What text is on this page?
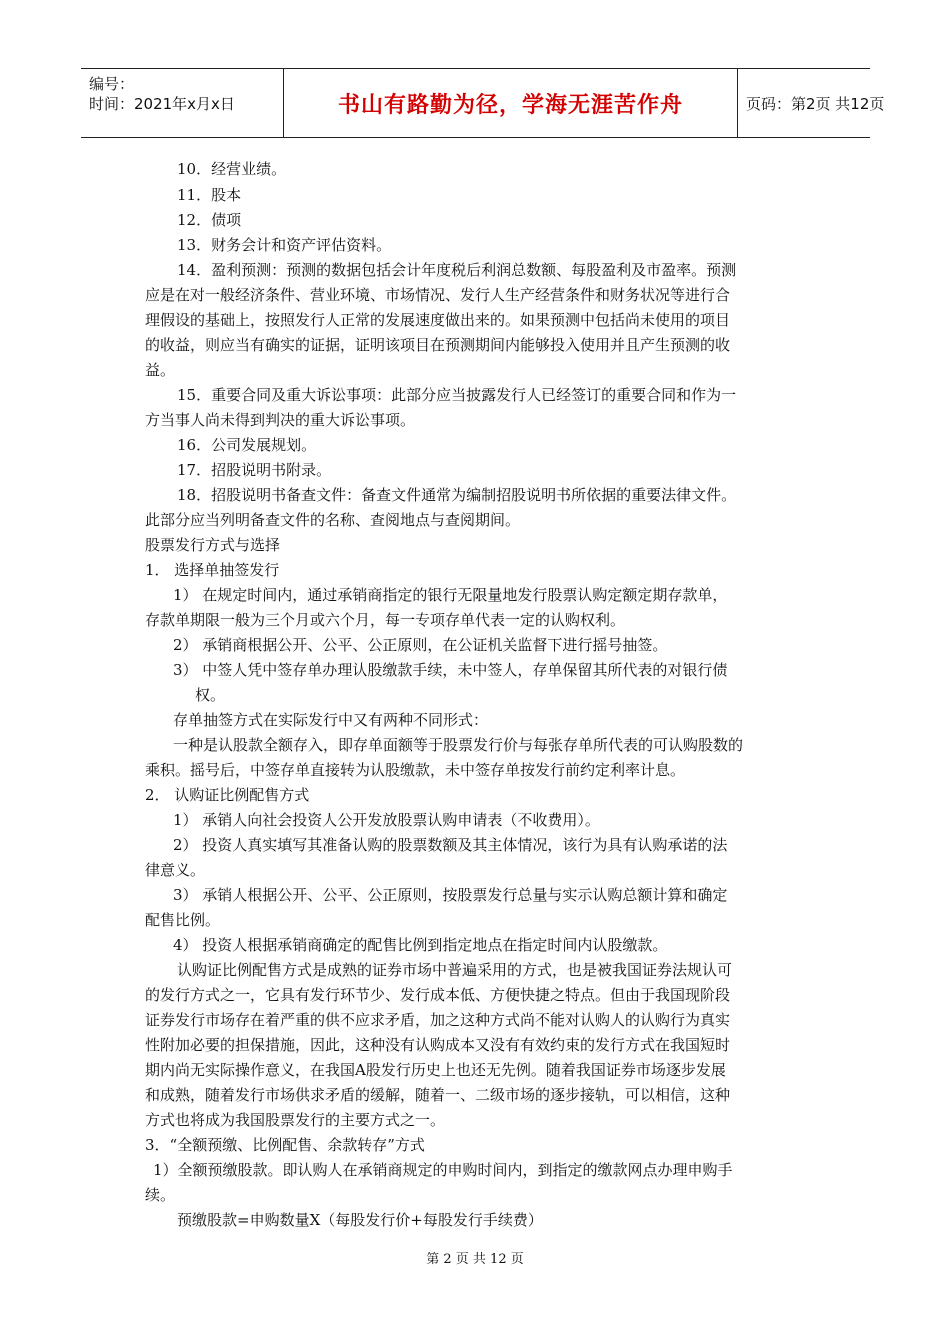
编号：
时间：2021年x月x日	书山有路勤为径，学海无涯苦作舟	页码：第2页 共12页
10．经营业绩。
11．股本
12．债项
13．财务会计和资产评估资料。
14．盈利预测：预测的数据包括会计年度税后利润总数额、每股盈利及市盈率。预测
应是在对一般经济条件、营业环境、市场情况、发行人生产经营条件和财务状况等进行合
理假设的基础上，按照发行人正常的发展速度做出来的。如果预测中包括尚未使用的项目
的收益，则应当有确实的证据，证明该项目在预测期间内能够投入使用并且产生预测的收
益。
15．重要合同及重大诉讼事项：此部分应当披露发行人已经签订的重要合同和作为一
方当事人尚未得到判决的重大诉讼事项。
16．公司发展规划。
17．招股说明书附录。
18．招股说明书备查文件：备查文件通常为编制招股说明书所依据的重要法律文件。
此部分应当列明备查文件的名称、查阅地点与查阅期间。
股票发行方式与选择
1． 选择单抽签发行
1） 在规定时间内，通过承销商指定的银行无限量地发行股票认购定额定期存款单，
存款单期限一般为三个月或六个月，每一专项存单代表一定的认购权利。
2） 承销商根据公开、公平、公正原则，在公证机关监督下进行摇号抽签。
3） 中签人凭中签存单办理认股缴款手续，未中签人，存单保留其所代表的对银行债
权。
存单抽签方式在实际发行中又有两种不同形式：
一种是认股款全额存入，即存单面额等于股票发行价与每张存单所代表的可认购股数的
乘积。摇号后，中签存单直接转为认股缴款，未中签存单按发行前约定利率计息。
2． 认购证比例配售方式
1） 承销人向社会投资人公开发放股票认购申请表（不收费用）。
2） 投资人真实填写其准备认购的股票数额及其主体情况，该行为具有认购承诺的法
律意义。
3） 承销人根据公开、公平、公正原则，按股票发行总量与实示认购总额计算和确定
配售比例。
4） 投资人根据承销商确定的配售比例到指定地点在指定时间内认股缴款。
认购证比例配售方式是成熟的证券市场中普遍采用的方式，也是被我国证券法规认可
的发行方式之一，它具有发行环节少、发行成本低、方便快捷之特点。但由于我国现阶段
证券发行市场存在着严重的供不应求矛盾，加之这种方式尚不能对认购人的认购行为真实
性附加必要的担保措施，因此，这种没有认购成本又没有有效约束的发行方式在我国短时
期内尚无实际操作意义，在我国A股发行历史上也还无先例。随着我国证券市场逐步发展
和成熟，随着发行市场供求矛盾的缓解，随着一、二级市场的逐步接轨，可以相信，这种
方式也将成为我国股票发行的主要方式之一。
3．“全额预缴、比例配售、余款转存”方式
1）全额预缴股款。即认购人在承销商规定的申购时间内，到指定的缴款网点办理申购手
续。
预缴股款=申购数量X（每股发行价+每股发行手续费）
第 2 页 共 12 页
